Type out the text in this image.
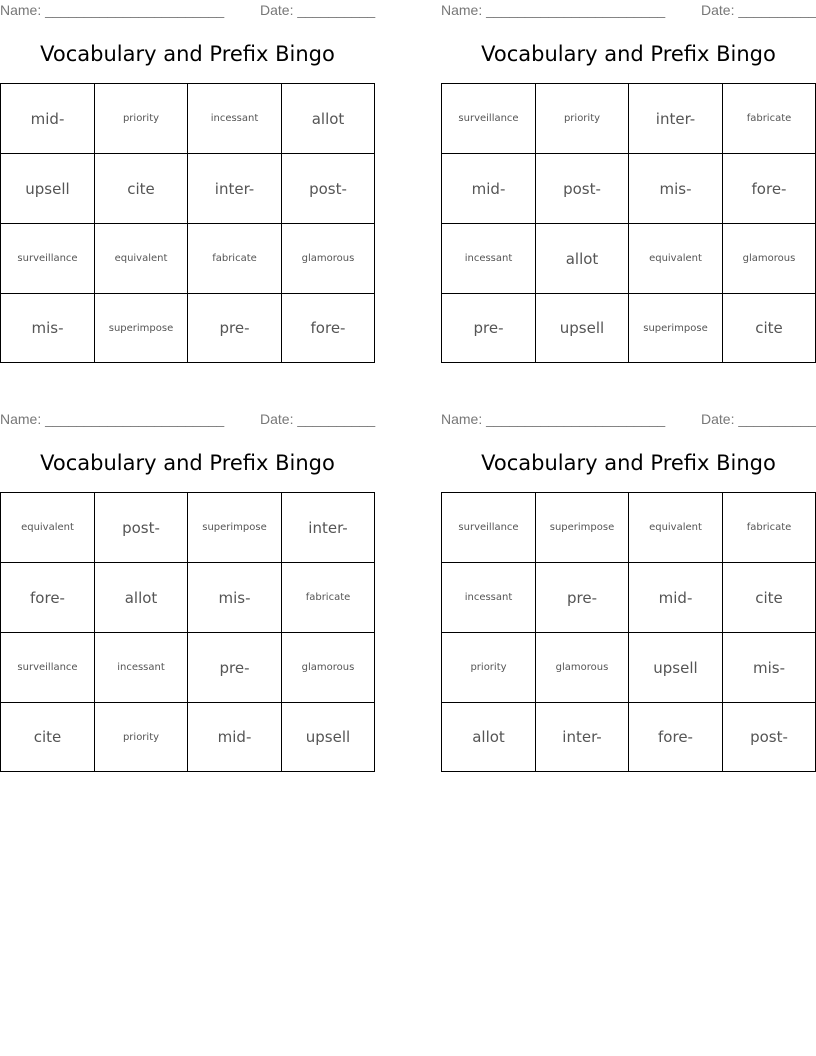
Name: _______________________	Date: __________
Vocabulary and Prefix Bingo
mid-	priority	incessant	allot
upsell	cite	inter-	post-
surveillance	equivalent	fabricate	glamorous
mis-	superimpose	pre-	fore-
Name: _______________________	Date: __________
Vocabulary and Prefix Bingo
surveillance	priority	inter-	fabricate
mid-	post-	mis-	fore-
incessant	allot	equivalent	glamorous
pre-	upsell	superimpose	cite
Name: _______________________	Date: __________
Vocabulary and Prefix Bingo
equivalent	post-	superimpose	inter-
fore-	allot	mis-	fabricate
surveillance	incessant	pre-	glamorous
cite	priority	mid-	upsell
Name: _______________________	Date: __________
Vocabulary and Prefix Bingo
surveillance	superimpose	equivalent	fabricate
incessant	pre-	mid-	cite
priority	glamorous	upsell	mis-
allot	inter-	fore-	post-
